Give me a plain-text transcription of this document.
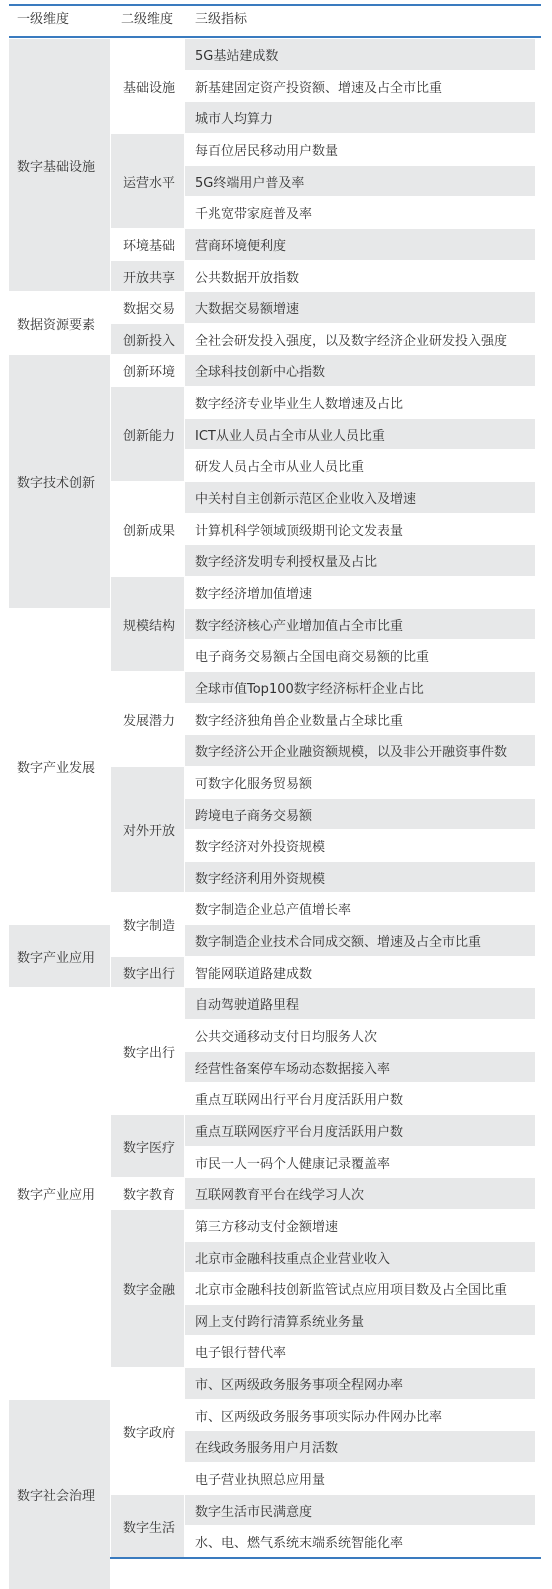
一级维度	二级维度 三级指标
数字基础设施
数据资源要素
数字技术创新
数字产业发展
数字产业应用
数字产业应用
数字社会治理
基础设施
运营水平
环境基础
开放共享
数据交易
创新投入
创新环境
创新能力
创新成果
规模结构
发展潜力
对外开放
数字制造
数字出行
数字出行
数字医疗
数字教育
数字金融
数字政府
数字生活
5G基站建成数
新基建固定资产投资额、增速及占全市比重
城市人均算力
每百位居民移动用户数量
5G终端用户普及率
千兆宽带家庭普及率
营商环境便利度
公共数据开放指数
大数据交易额增速
全社会研发投入强度，以及数字经济企业研发投入强度
全球科技创新中心指数
数字经济专业毕业生人数增速及占比
ICT从业人员占全市从业人员比重
研发人员占全市从业人员比重
中关村自主创新示范区企业收入及增速
计算机科学领域顶级期刊论文发表量
数字经济发明专利授权量及占比
数字经济增加值增速
数字经济核心产业增加值占全市比重
电子商务交易额占全国电商交易额的比重
全球市值Top100数字经济标杆企业占比
数字经济独角兽企业数量占全球比重
数字经济公开企业融资额规模，以及非公开融资事件数
可数字化服务贸易额
跨境电子商务交易额
数字经济对外投资规模
数字经济利用外资规模
数字制造企业总产值增长率
数字制造企业技术合同成交额、增速及占全市比重
智能网联道路建成数
自动驾驶道路里程
公共交通移动支付日均服务人次
经营性备案停车场动态数据接入率
重点互联网出行平台月度活跃用户数
重点互联网医疗平台月度活跃用户数
市民一人一码个人健康记录覆盖率
互联网教育平台在线学习人次
第三方移动支付金额增速
北京市金融科技重点企业营业收入
北京市金融科技创新监管试点应用项目数及占全国比重
网上支付跨行清算系统业务量
电子银行替代率
市、区两级政务服务事项全程网办率
市、区两级政务服务事项实际办件网办比率
在线政务服务用户月活数
电子营业执照总应用量
数字生活市民满意度
水、电、燃气系统末端系统智能化率
